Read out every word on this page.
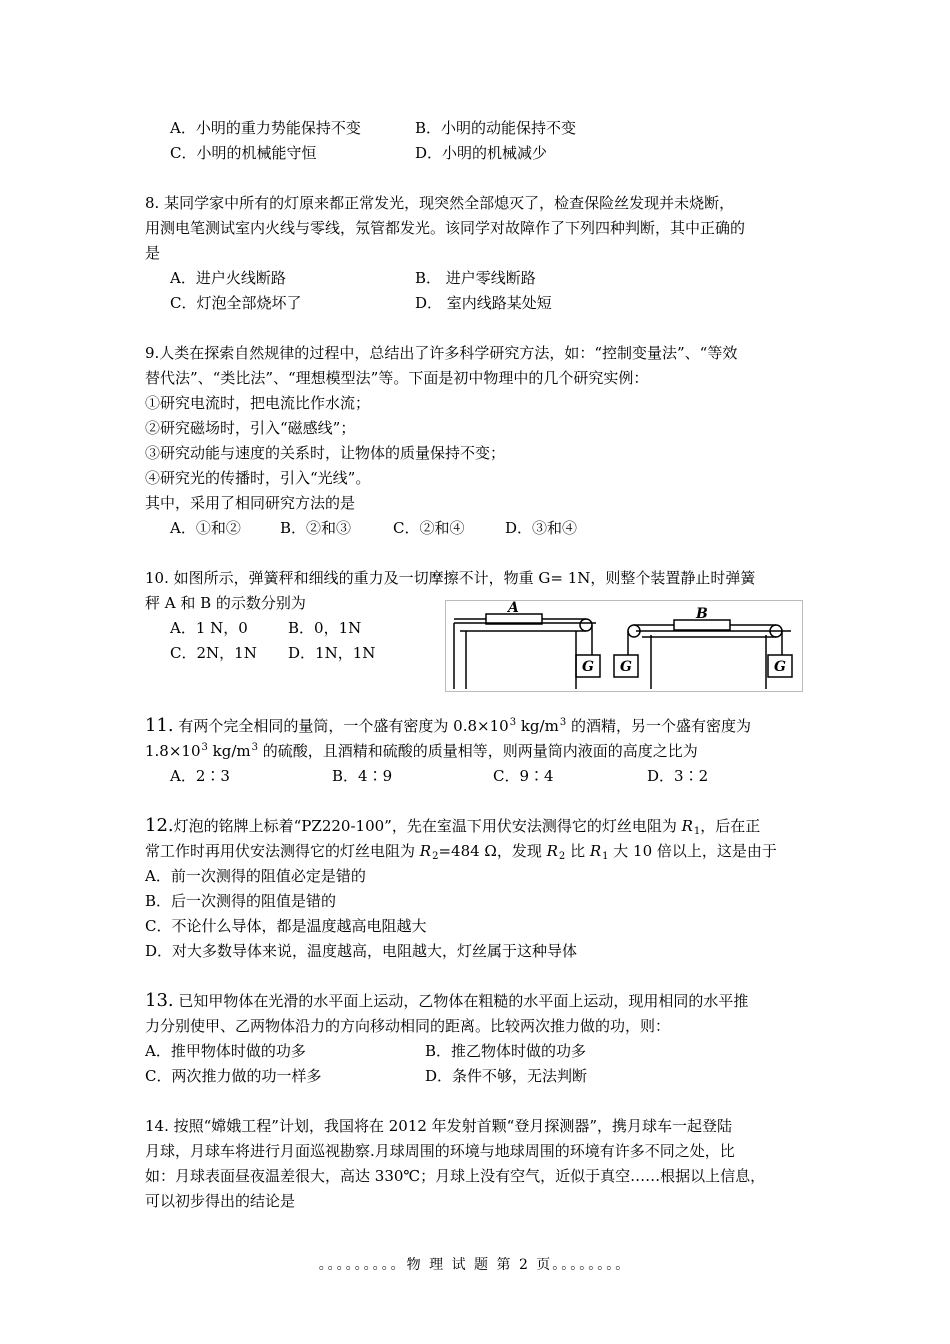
A．小明的重力势能保持不变	B．小明的动能保持不变
C．小明的机械能守恒	D．小明的机械减少
8. 某同学家中所有的灯原来都正常发光，现突然全部熄灭了，检查保险丝发现并未烧断，
用测电笔测试室内火线与零线，氖管都发光。该同学对故障作了下列四种判断，其中正确的
是
A．进户火线断路	B． 进户零线断路
C．灯泡全部烧坏了	D． 室内线路某处短
9.人类在探索自然规律的过程中，总结出了许多科学研究方法，如：“控制变量法”、“等效
替代法”、“类比法”、“理想模型法”等。下面是初中物理中的几个研究实例：
①研究电流时，把电流比作水流；
②研究磁场时，引入“磁感线”；
③研究动能与速度的关系时，让物体的质量保持不变；
④研究光的传播时，引入“光线”。
其中，采用了相同研究方法的是
A．①和②	B．②和③	C．②和④	D．③和④
10. 如图所示，弹簧秤和细线的重力及一切摩擦不计，物重 G= 1N，则整个装置静止时弹簧
秤 A 和 B 的示数分别为
A．1 N，0	B．0，1N
C．2N，1N D．1N，1N
A	B
G G	G
11. 有两个完全相同的量筒，一个盛有密度为 $0.8\times 10^3$ $kg/m^3$ 的酒精，另一个盛有密度为
$1.8\times 10^3$ $kg/m^3$ 的硫酸，且酒精和硫酸的质量相等，则两量筒内液面的高度之比为
A．2∶3	B．4∶9	C．9∶4	D．3∶2
12.灯泡的铭牌上标着“PZ220-100”，先在室温下用伏安法测得它的灯丝电阻为 $R_1$，后在正
常工作时再用伏安法测得它的灯丝电阻为 $R_2=484$ Ω，发现 $R_2$ 比 $R_1$ 大 10 倍以上，这是由于
A．前一次测得的阻值必定是错的
B．后一次测得的阻值是错的
C．不论什么导体，都是温度越高电阻越大
D．对大多数导体来说，温度越高，电阻越大，灯丝属于这种导体
13. 已知甲物体在光滑的水平面上运动，乙物体在粗糙的水平面上运动，现用相同的水平推
力分别使甲、乙两物体沿力的方向移动相同的距离。比较两次推力做的功，则：
A．推甲物体时做的功多	B．推乙物体时做的功多
C．两次推力做的功一样多	D．条件不够，无法判断
14. 按照“嫦娥工程”计划，我国将在 2012 年发射首颗“登月探测器”，携月球车一起登陆
月球，月球车将进行月面巡视勘察.月球周围的环境与地球周围的环境有许多不同之处，比
如：月球表面昼夜温差很大，高达 330℃；月球上没有空气，近似于真空……根据以上信息，
可以初步得出的结论是
。。。。。。。。。物 理 试 题 第 2 页。。。。。。。。
